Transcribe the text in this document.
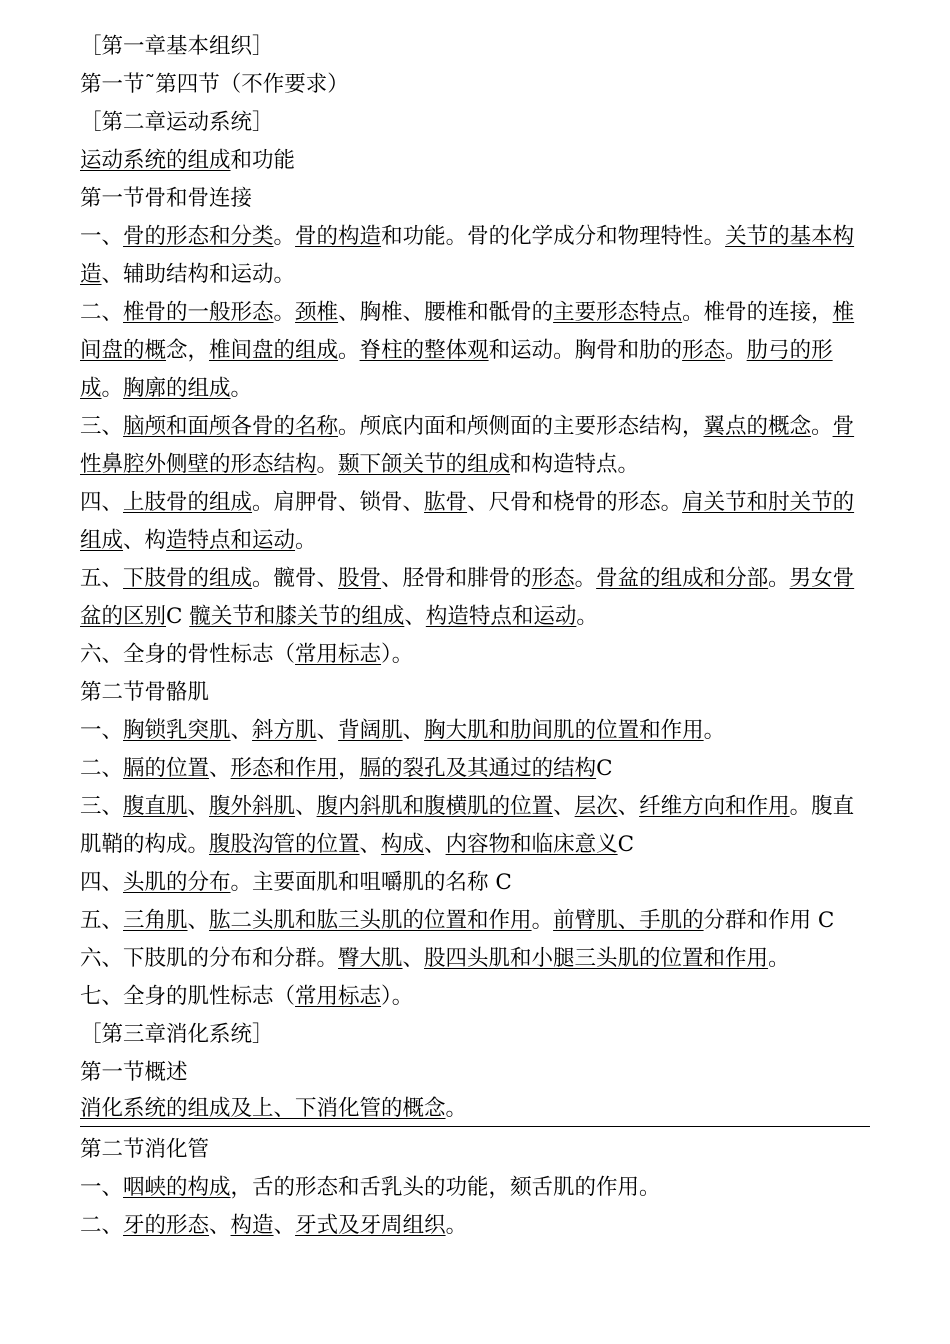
［第一章基本组织］
第一节˜第四节（不作要求）
［第二章运动系统］
运动系统的组成和功能
第一节骨和骨连接
一、骨的形态和分类。骨的构造和功能。骨的化学成分和物理特性。关节的基本构造、辅助结构和运动。
二、椎骨的一般形态。颈椎、胸椎、腰椎和骶骨的主要形态特点。椎骨的连接，椎间盘的概念，椎间盘的组成。脊柱的整体观和运动。胸骨和肋的形态。肋弓的形成。胸廓的组成。
三、脑颅和面颅各骨的名称。颅底内面和颅侧面的主要形态结构，翼点的概念。骨性鼻腔外侧壁的形态结构。颞下颌关节的组成和构造特点。
四、上肢骨的组成。肩胛骨、锁骨、肱骨、尺骨和桡骨的形态。肩关节和肘关节的组成、构造特点和运动。
五、下肢骨的组成。髋骨、股骨、胫骨和腓骨的形态。骨盆的组成和分部。男女骨盆的区别C 髋关节和膝关节的组成、构造特点和运动。
六、全身的骨性标志（常用标志）。
第二节骨骼肌
一、胸锁乳突肌、斜方肌、背阔肌、胸大肌和肋间肌的位置和作用。
二、膈的位置、形态和作用，膈的裂孔及其通过的结构C
三、腹直肌、腹外斜肌、腹内斜肌和腹横肌的位置、层次、纤维方向和作用。腹直肌鞘的构成。腹股沟管的位置、构成、内容物和临床意义C
四、头肌的分布。主要面肌和咀嚼肌的名称 C
五、三角肌、肱二头肌和肱三头肌的位置和作用。前臂肌、手肌的分群和作用 C
六、下肢肌的分布和分群。臀大肌、股四头肌和小腿三头肌的位置和作用。
七、全身的肌性标志（常用标志）。
［第三章消化系统］
第一节概述
消化系统的组成及上、下消化管的概念。
第二节消化管
一、咽峡的构成，舌的形态和舌乳头的功能，颏舌肌的作用。
二、牙的形态、构造、牙式及牙周组织。
